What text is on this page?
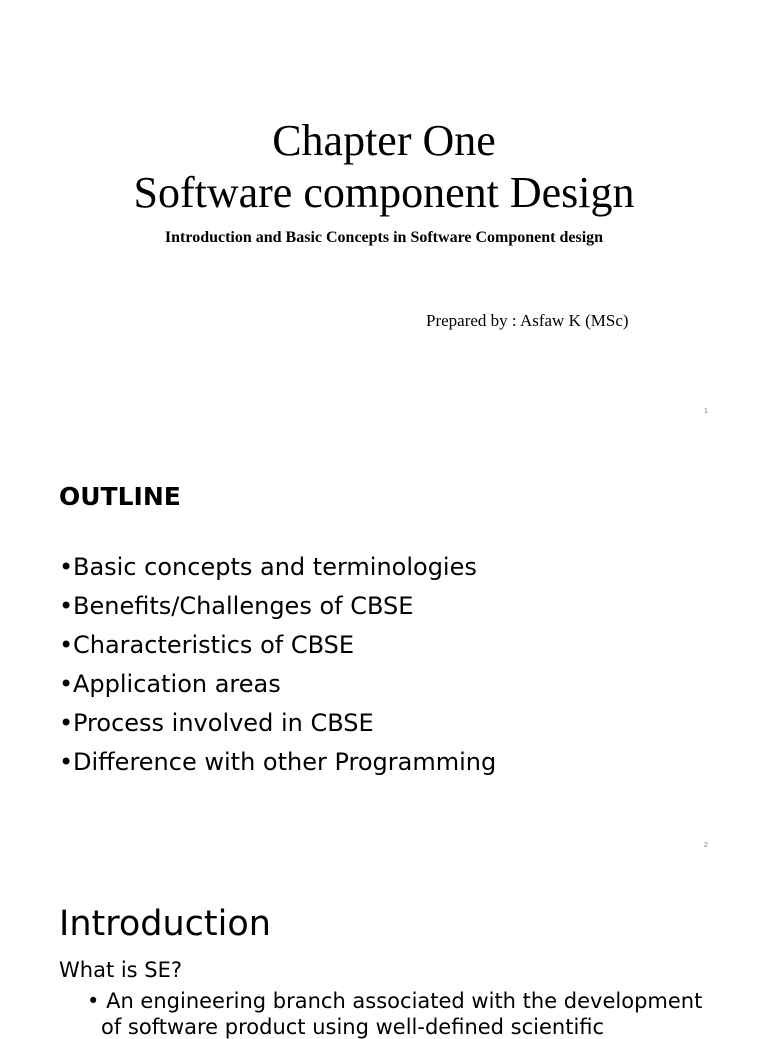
Chapter One
Software component Design
Introduction and Basic Concepts in Software Component design
Prepared by : Asfaw K (MSc)
1
OUTLINE
•Basic concepts and terminologies
•Benefits/Challenges of CBSE
•Characteristics of CBSE
•Application areas
•Process involved in CBSE
•Difference with other Programming
2
Introduction
What is SE?
• An engineering branch associated with the development
of software product using well-defined scientific
